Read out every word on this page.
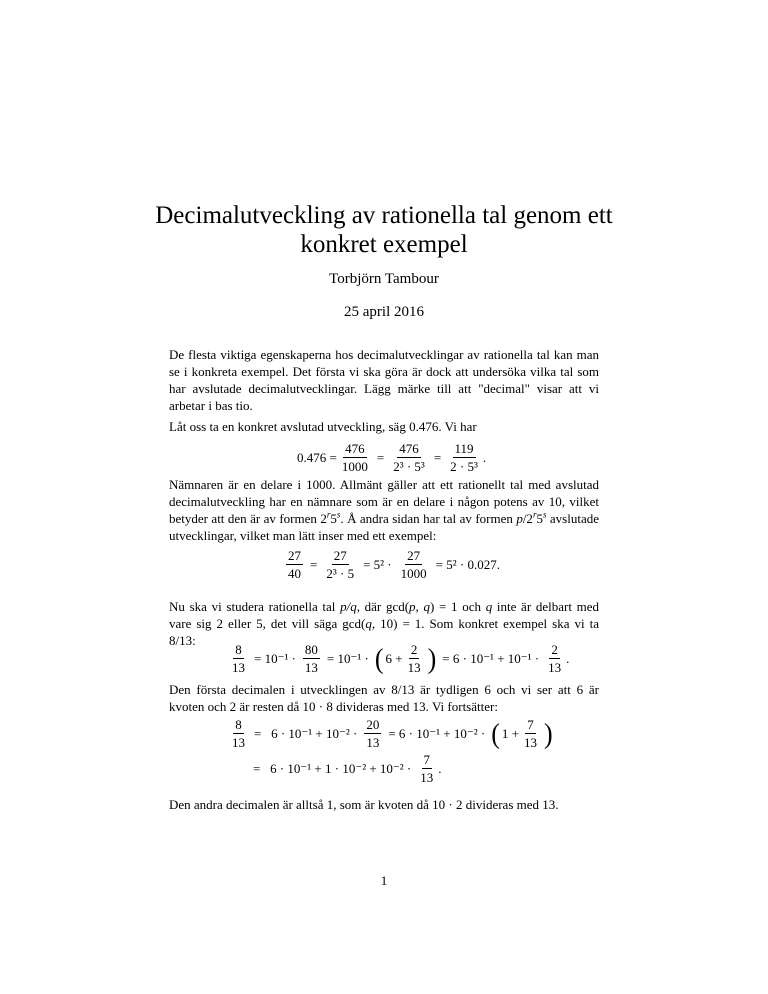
Decimalutveckling av rationella tal genom ett konkret exempel
Torbjörn Tambour
25 april 2016

De flesta viktiga egenskaperna hos decimalutvecklingar av rationella tal kan man se i konkreta exempel. Det första vi ska göra är dock att undersöka vilka tal som har avslutade decimalutvecklingar. Lägg märke till att "decimal" visar att vi arbetar i bas tio.

Låt oss ta en konkret avslutad utveckling, säg 0.476. Vi har

$0.476 = \frac{476}{1000} = \frac{476}{\text{2³ · 5³}} = \frac{119}{\text{2 · 5³}}$ .

Nämnaren är en delare i 1000. Allmänt gäller att ett rationellt tal med avslutad decimalutveckling har en nämnare som är en delare i någon potens av 10, vilket betyder att den är av formen 2$^r$5$^s$. Å andra sidan har tal av formen p/2$^r$5$^s$ avslutade utvecklingar, vilket man lätt inser med ett exempel:

$\frac{27}{40} = \frac{27}{\text{2³ · 5}} = 5^2 \cdot \frac{27}{1000} = 5^2 \cdot 0.027$.

Nu ska vi studera rationella tal p/q, där gcd(p, q) = 1 och q inte är delbart med vare sig 2 eller 5, det vill säga gcd(q, 10) = 1. Som konkret exempel ska vi ta 8/13:

$\frac{8}{13} = 10^{-1} \cdot \frac{80}{13} = 10^{-1}$ · ( $6 + \frac{2}{13}$ ) = $6 \cdot 10^{-1} + 10^{-1} \cdot \frac{2}{13}$ .

Den första decimalen i utvecklingen av 8/13 är tydligen 6 och vi ser att 6 är kvoten och 2 är resten då 10 · 8 divideras med 13. Vi fortsätter:

$\frac{8}{13} = 6 \cdot 10^{-1} + 10^{-2} \cdot \frac{20}{13} = 6 \cdot 10^{-1} + 10^{-2}$ · ( $1 + \frac{7}{13}$ )
=   $6 \cdot 10^{-1} + 1 \cdot 10^{-2} + 10^{-2} \cdot \frac{7}{13}$ .

Den andra decimalen är alltså 1, som är kvoten då 10 · 2 divideras med 13.

1
